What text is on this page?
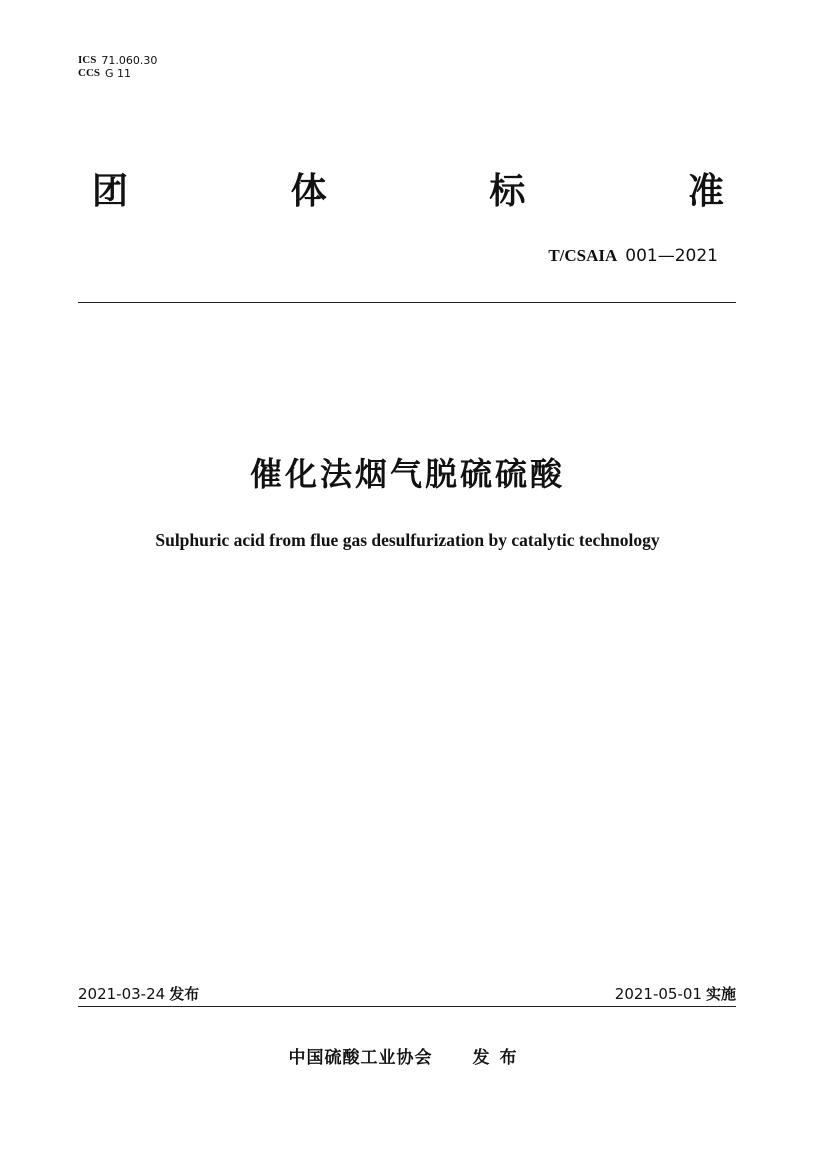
ICS 71.060.30
CCS G 11
团	体	标	准
T/CSAIA 001—2021
催化法烟气脱硫硫酸
Sulphuric acid from flue gas desulfurization by catalytic technology
2021-03-24 发布	2021-05-01 实施
中国硫酸工业协会 发布
